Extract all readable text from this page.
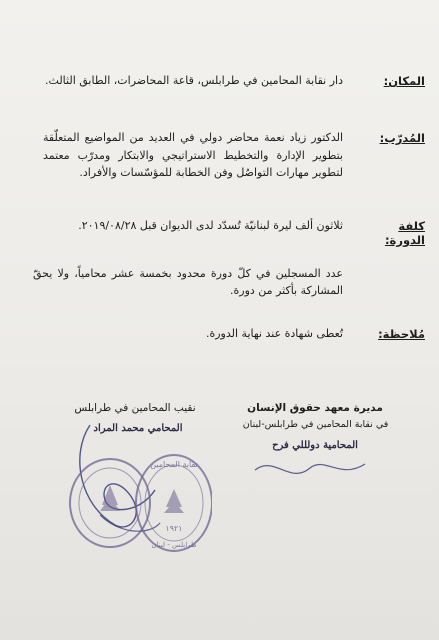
المكان:
دار نقابة المحامين في طرابلس، قاعة المحاضرات، الطابق الثالث.
المُدرّب:
الدكتور زياد نعمة محاضر دولي في العديد من المواضيع المتعلّقة بتطوير الإدارة والتخطيط الاستراتيجي والابتكار ومدرّب معتمد لتطوير مهارات التواصُل وفن الخطابة للمؤسّسات والأفراد.
كلفة الدورة:
ثلاثون ألف ليرة لبنانيّة تُسدّد لدى الديوان قبل ٢٠١٩/٠٨/٢٨.
عدد المسجلين في كلّ دورة محدود بخمسة عشر محامياً، ولا يحقّ المشاركة بأكثر من دورة.
مُلاحظة:
تُعطى شهادة عند نهاية الدورة.
نقيب المحامين في طرابلس
المحامي محمد المراد
مديرة معهد حقوق الإنسان
في نقابة المحامين في طرابلس-لبنان
المحامية دولللي فرح
نقابة المحامين
١٩٢١
طرابلس - لبنان
